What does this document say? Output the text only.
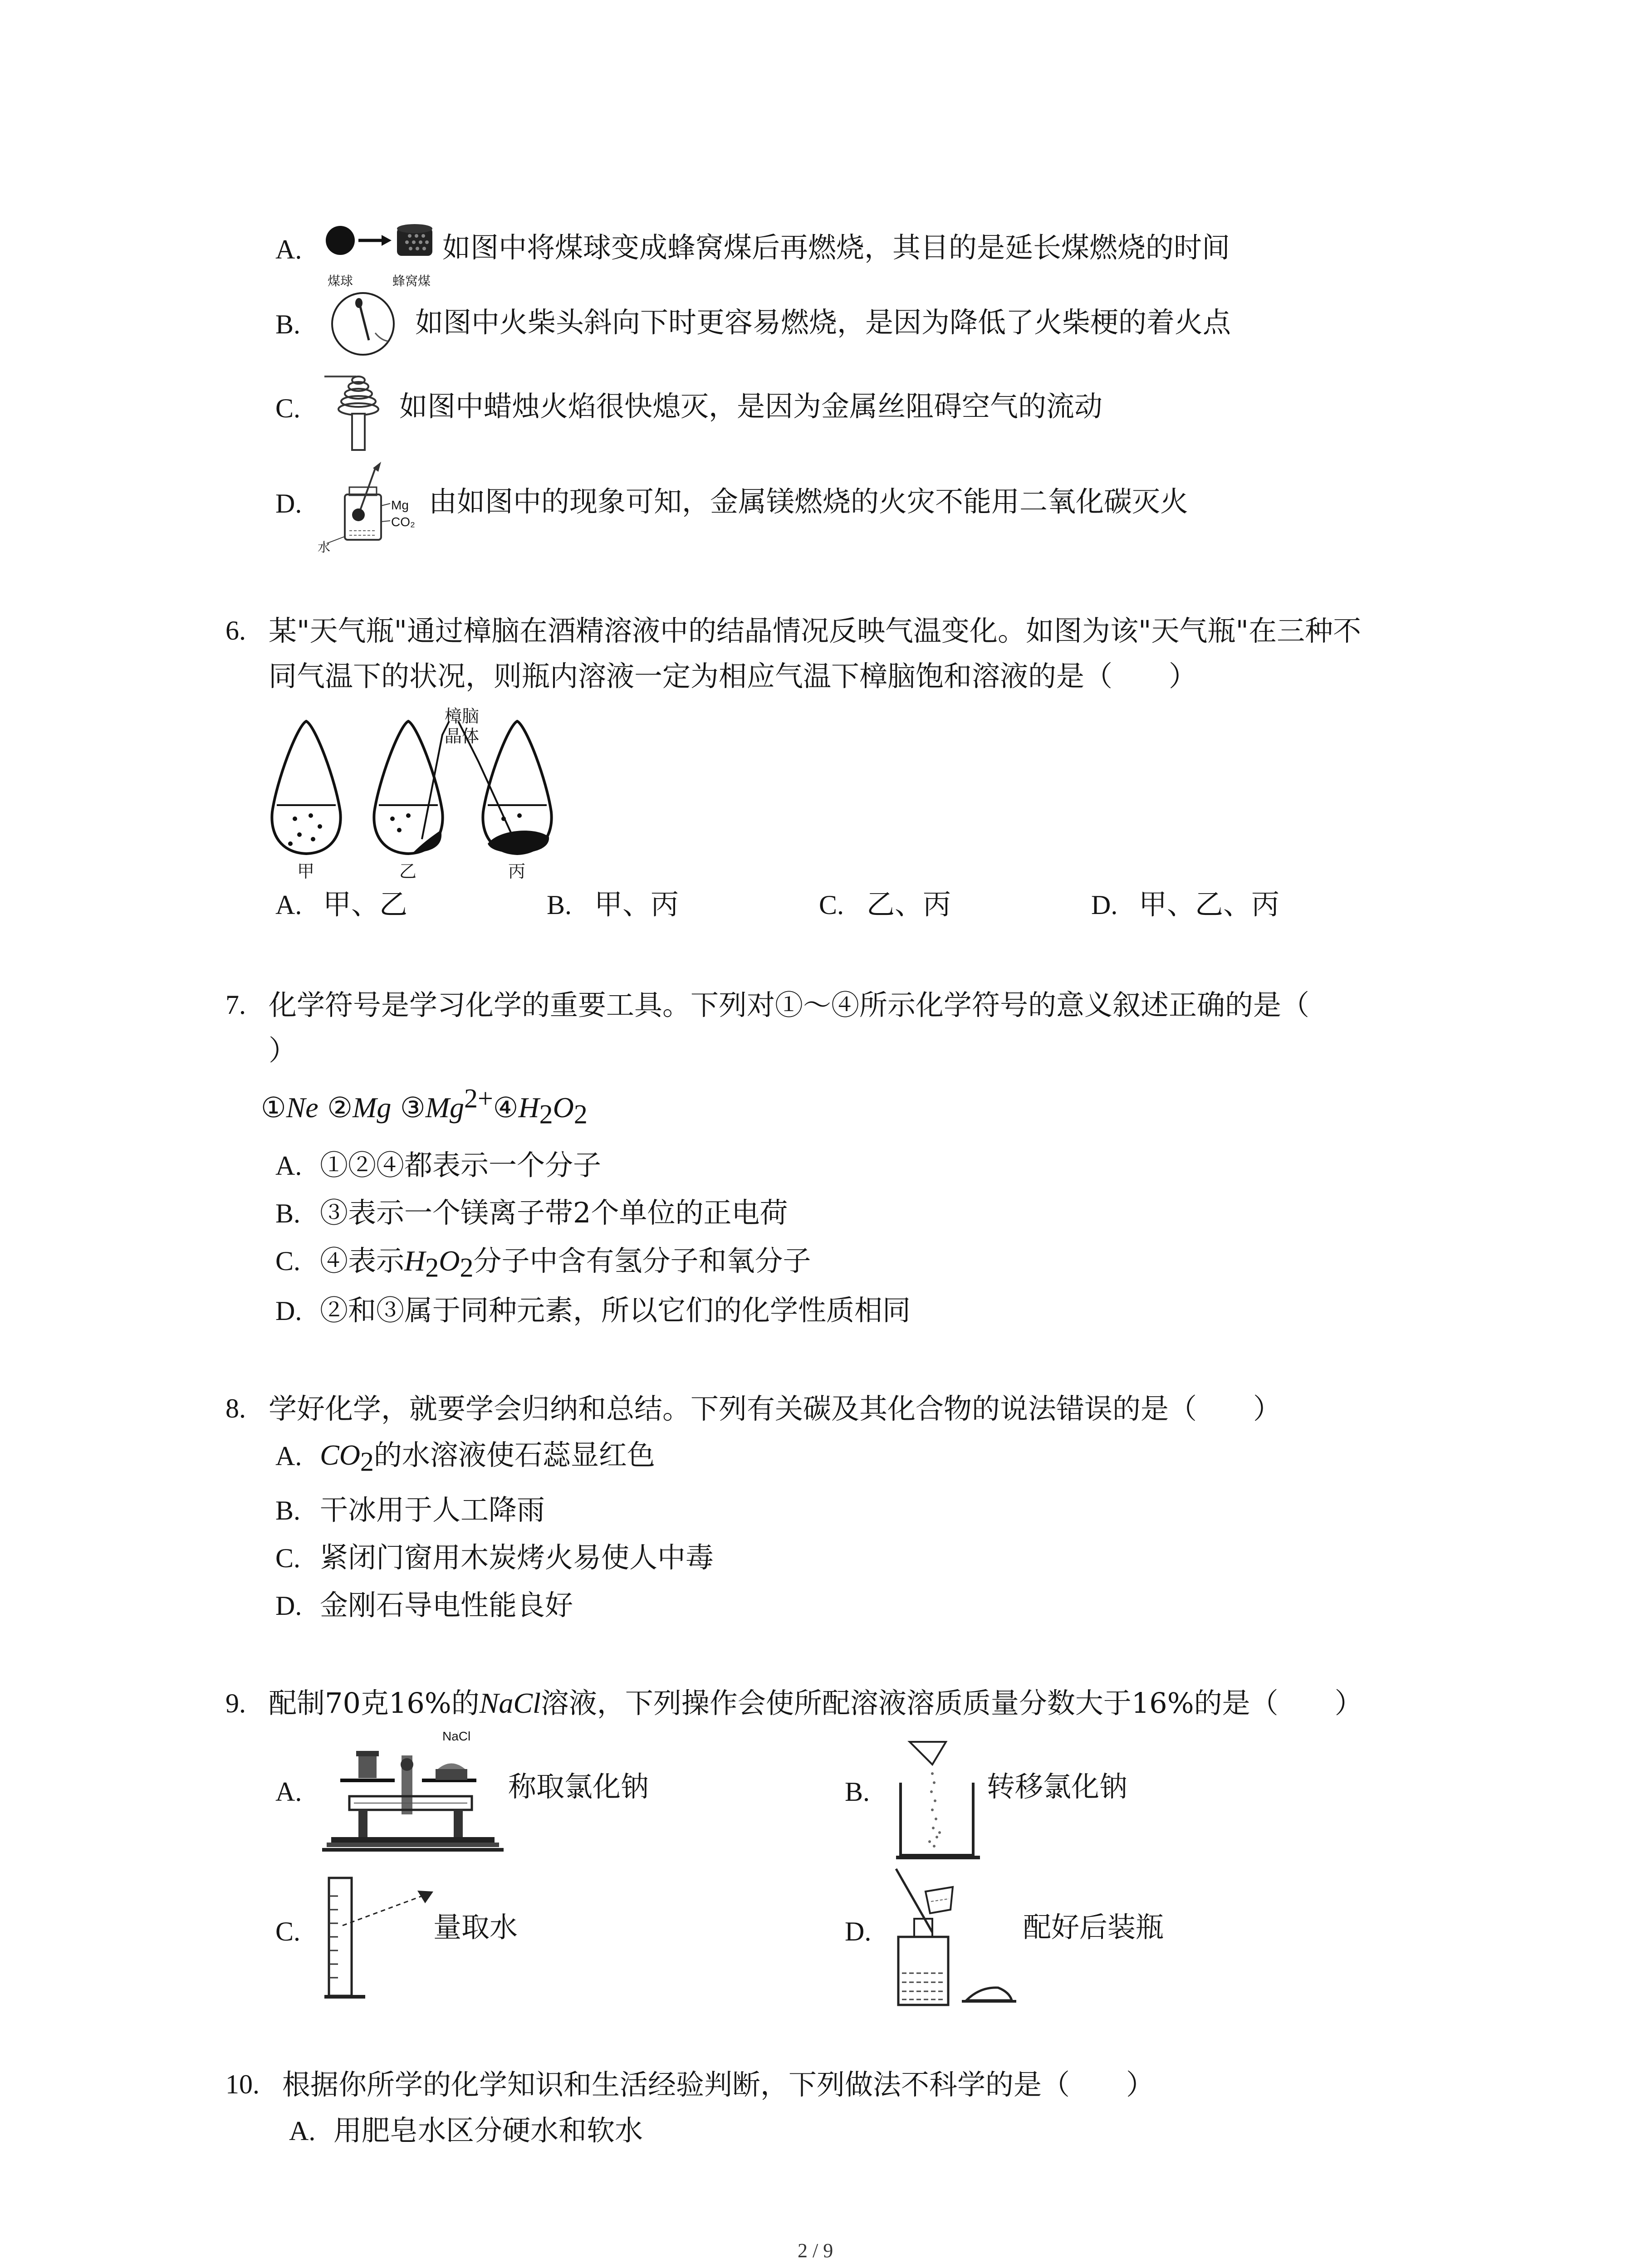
A.
煤球	蜂窝煤
如图中将煤球变成蜂窝煤后再燃烧，其目的是延长煤燃烧的时间
B.	如图中火柴头斜向下时更容易燃烧，是因为降低了火柴梗的着火点
C.	如图中蜡烛火焰很快熄灭，是因为金属丝阻碍空气的流动
D.	Mg
CO₂
水
由如图中的现象可知，金属镁燃烧的火灾不能用二氧化碳灭火
6. 某"天气瓶"通过樟脑在酒精溶液中的结晶情况反映气温变化。如图为该"天气瓶"在三种不
同气温下的状况，则瓶内溶液一定为相应气温下樟脑饱和溶液的是（　　）
樟脑
晶体
甲	乙	丙
A. 甲、乙	B. 甲、丙	C. 乙、丙	D. 甲、乙、丙
7. 化学符号是学习化学的重要工具。下列对①～④所示化学符号的意义叙述正确的是（
）
①Ne ②Mg $③Mg^{2+}④H_2O_2$
A. ①②④都表示一个分子
B. ③表示一个镁离子带2个单位的正电荷
C. ④表示$H_2O_2$分子中含有氢分子和氧分子
D. ②和③属于同种元素，所以它们的化学性质相同
8. 学好化学，就要学会归纳和总结。下列有关碳及其化合物的说法错误的是（　　）
A. $CO_2$的水溶液使石蕊显红色
B. 干冰用于人工降雨
C. 紧闭门窗用木炭烤火易使人中毒
D. 金刚石导电性能良好
9. 配制70克16%的NaCl溶液，下列操作会使所配溶液溶质质量分数大于16%的是（　　）
A.
NaCl
称取氯化钠	B.	转移氯化钠
C.	量取水	D.	配好后装瓶
10. 根据你所学的化学知识和生活经验判断，下列做法不科学的是（　　）
A. 用肥皂水区分硬水和软水
2 / 9
